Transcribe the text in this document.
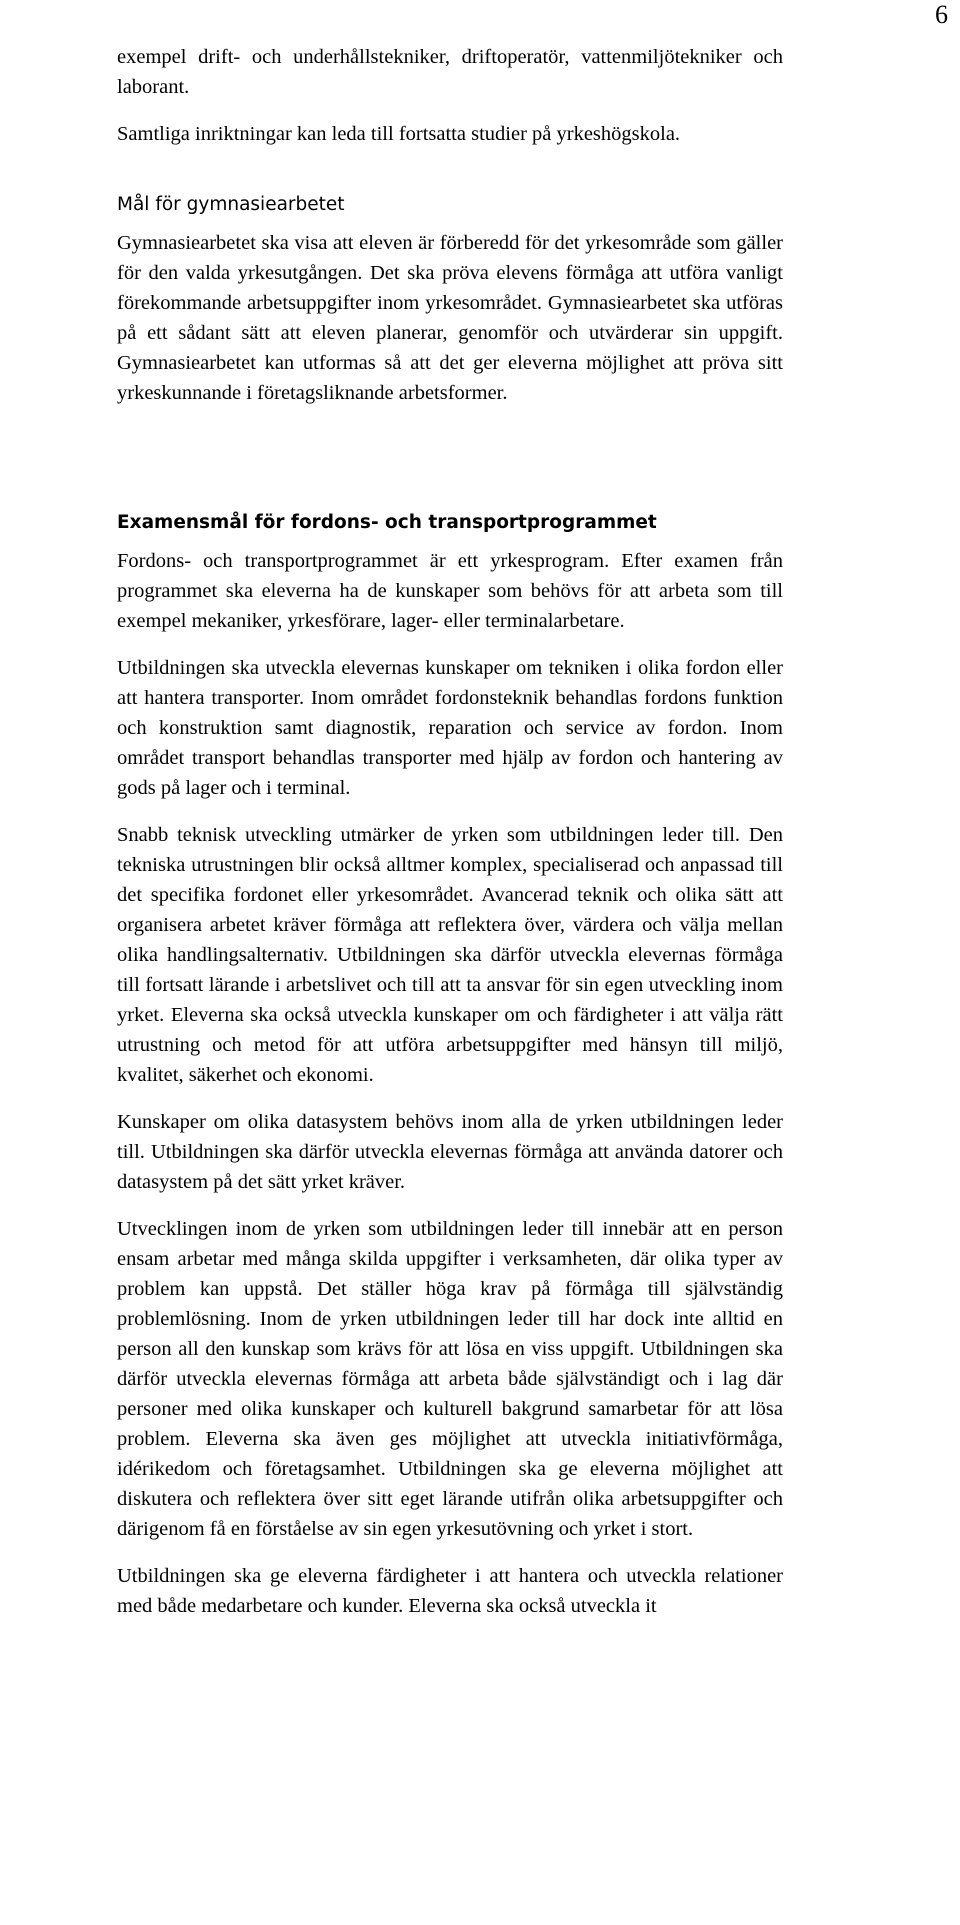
6

exempel drift- och underhållstekniker, driftoperatör, vattenmiljötekniker och laborant.

Samtliga inriktningar kan leda till fortsatta studier på yrkeshögskola.

Mål för gymnasiearbetet

Gymnasiearbetet ska visa att eleven är förberedd för det yrkesområde som gäller för den valda yrkesutgången. Det ska pröva elevens förmåga att utföra vanligt förekommande arbetsuppgifter inom yrkesområdet. Gymnasiearbetet ska utföras på ett sådant sätt att eleven planerar, genomför och utvärderar sin uppgift. Gymnasiearbetet kan utformas så att det ger eleverna möjlighet att pröva sitt yrkeskunnande i företagsliknande arbetsformer.

Examensmål för fordons- och transportprogrammet

Fordons- och transportprogrammet är ett yrkesprogram. Efter examen från programmet ska eleverna ha de kunskaper som behövs för att arbeta som till exempel mekaniker, yrkesförare, lager- eller terminalarbetare.

Utbildningen ska utveckla elevernas kunskaper om tekniken i olika fordon eller att hantera transporter. Inom området fordonsteknik behandlas fordons funktion och konstruktion samt diagnostik, reparation och service av fordon. Inom området transport behandlas transporter med hjälp av fordon och hantering av gods på lager och i terminal.

Snabb teknisk utveckling utmärker de yrken som utbildningen leder till. Den tekniska utrustningen blir också alltmer komplex, specialiserad och anpassad till det specifika fordonet eller yrkesområdet. Avancerad teknik och olika sätt att organisera arbetet kräver förmåga att reflektera över, värdera och välja mellan olika handlingsalternativ. Utbildningen ska därför utveckla elevernas förmåga till fortsatt lärande i arbetslivet och till att ta ansvar för sin egen utveckling inom yrket. Eleverna ska också utveckla kunskaper om och färdigheter i att välja rätt utrustning och metod för att utföra arbetsuppgifter med hänsyn till miljö, kvalitet, säkerhet och ekonomi.

Kunskaper om olika datasystem behövs inom alla de yrken utbildningen leder till. Utbildningen ska därför utveckla elevernas förmåga att använda datorer och datasystem på det sätt yrket kräver.

Utvecklingen inom de yrken som utbildningen leder till innebär att en person ensam arbetar med många skilda uppgifter i verksamheten, där olika typer av problem kan uppstå. Det ställer höga krav på förmåga till självständig problemlösning. Inom de yrken utbildningen leder till har dock inte alltid en person all den kunskap som krävs för att lösa en viss uppgift. Utbildningen ska därför utveckla elevernas förmåga att arbeta både självständigt och i lag där personer med olika kunskaper och kulturell bakgrund samarbetar för att lösa problem. Eleverna ska även ges möjlighet att utveckla initiativförmåga, idérikedom och företagsamhet. Utbildningen ska ge eleverna möjlighet att diskutera och reflektera över sitt eget lärande utifrån olika arbetsuppgifter och därigenom få en förståelse av sin egen yrkesutövning och yrket i stort.

Utbildningen ska ge eleverna färdigheter i att hantera och utveckla relationer med både medarbetare och kunder. Eleverna ska också utveckla it
